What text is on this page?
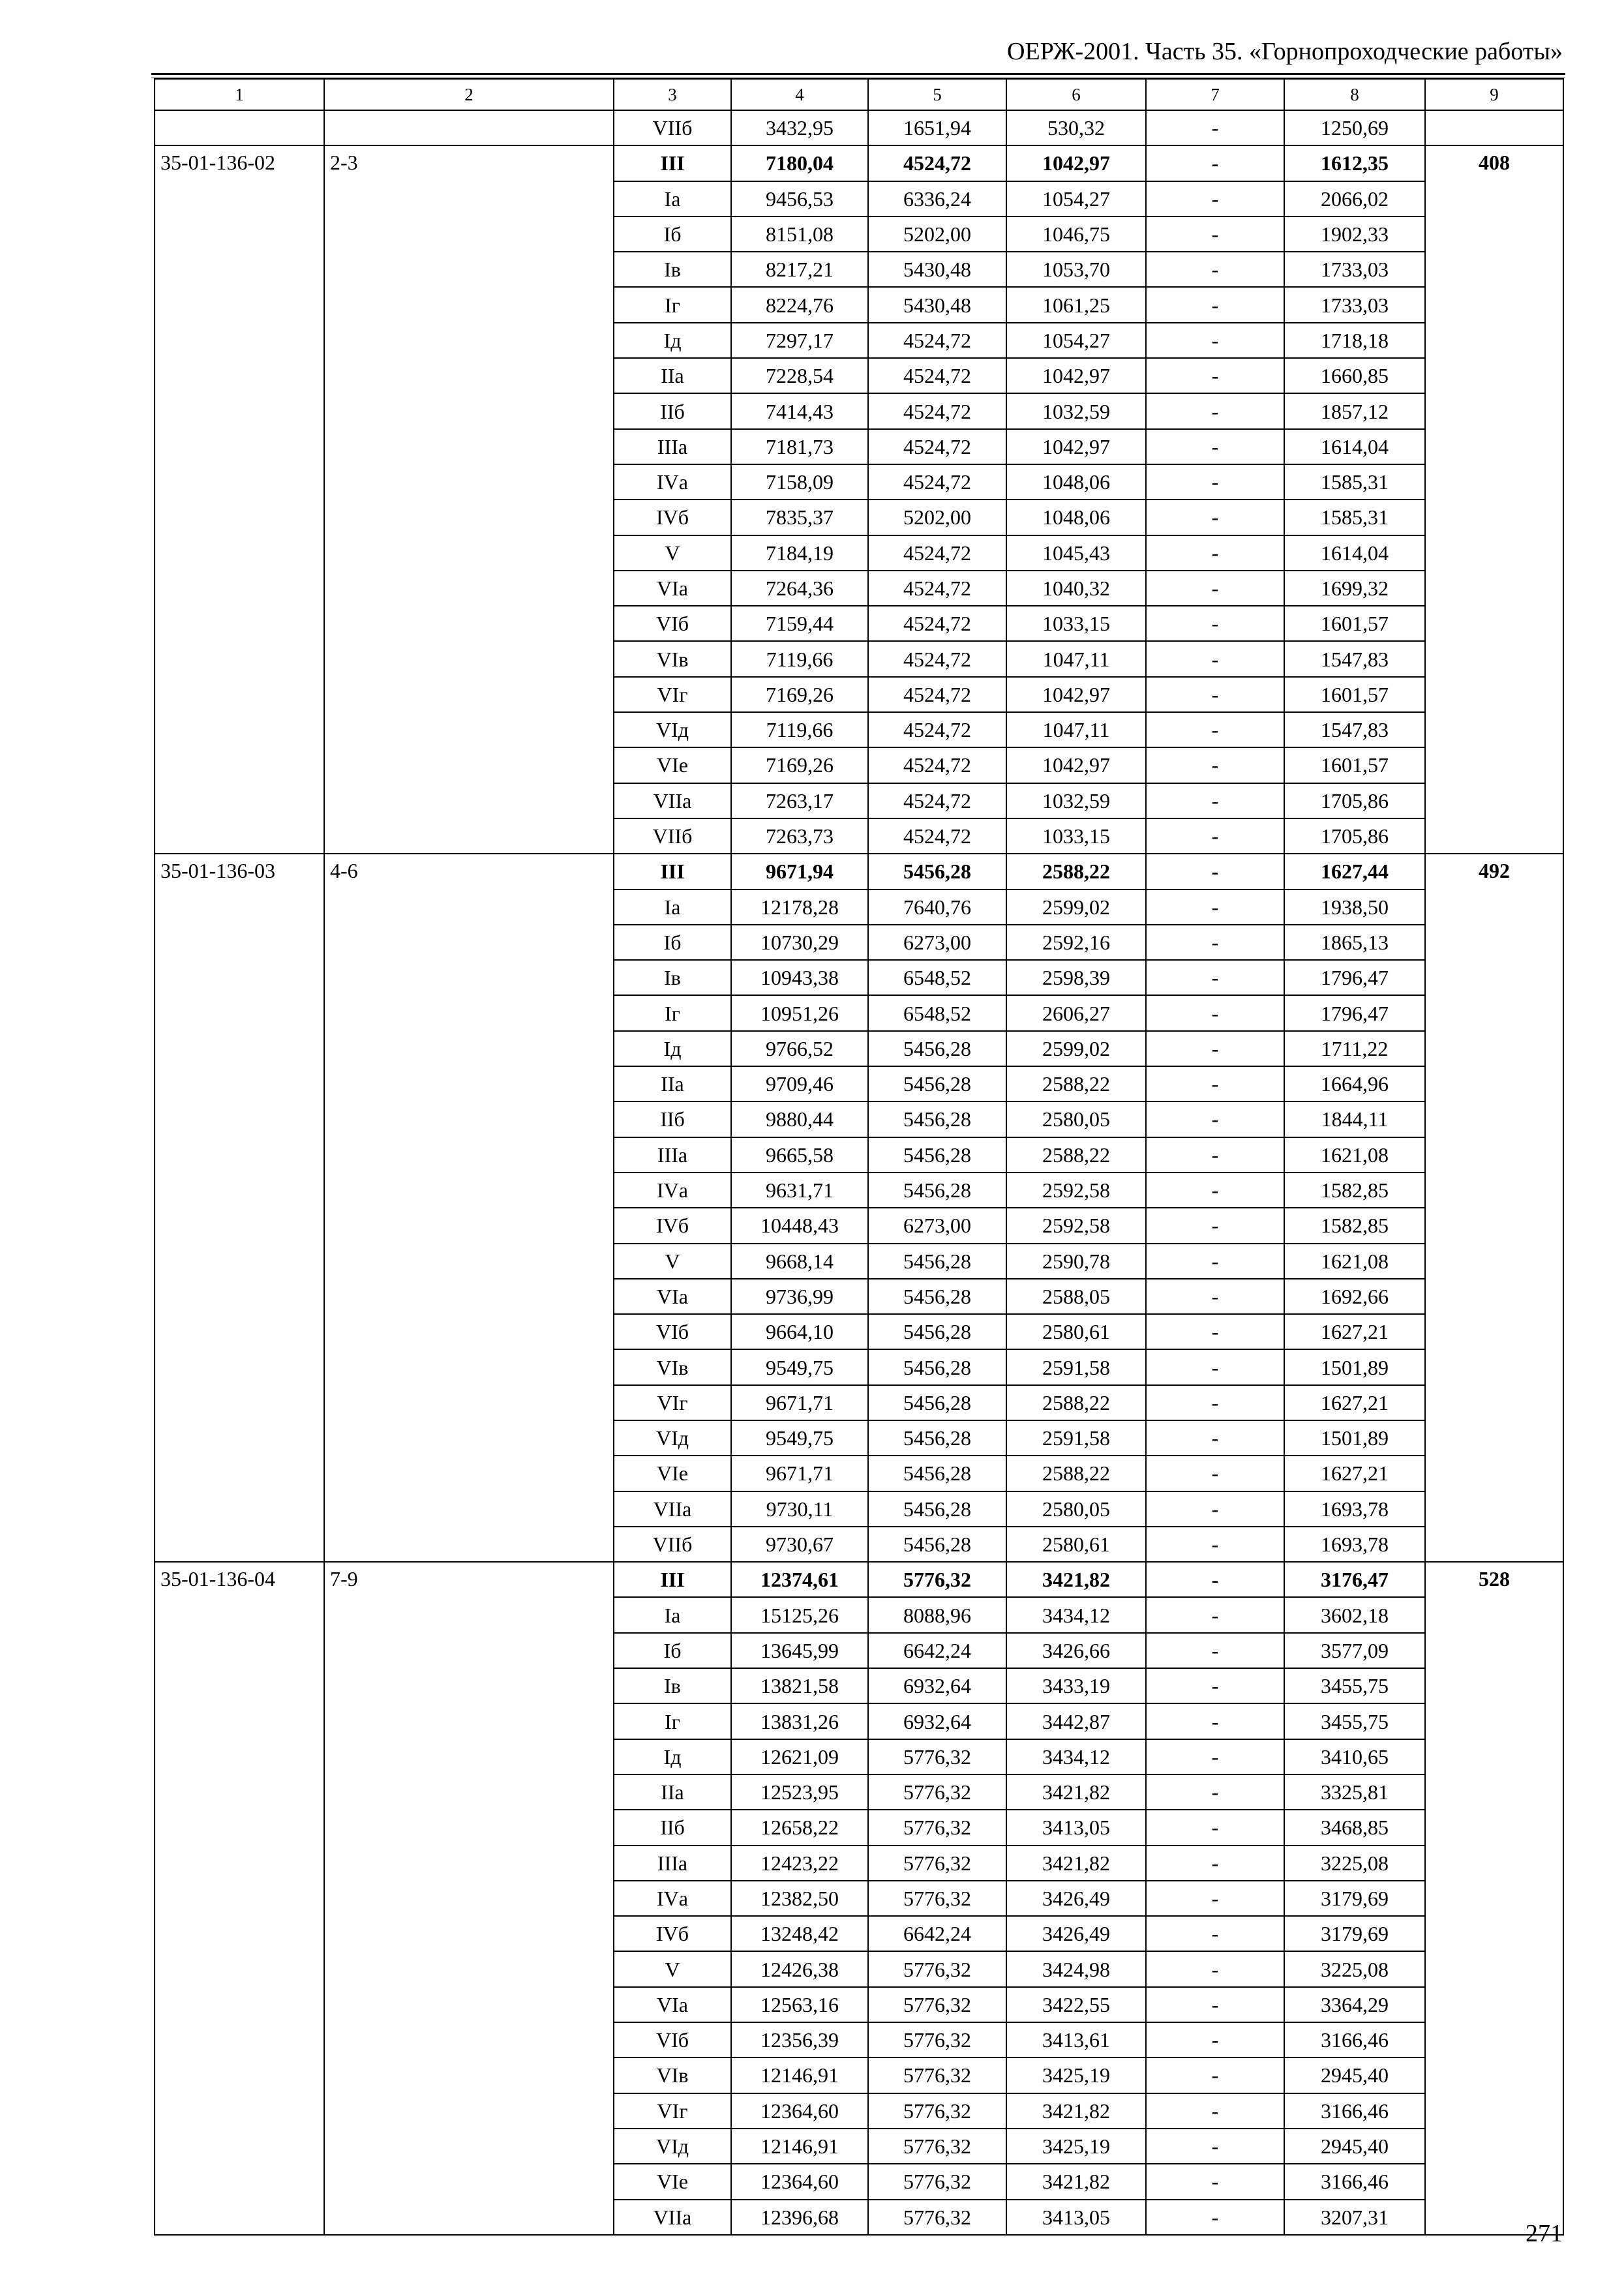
ОЕРЖ-2001. Часть 35. «Горнопроходческие работы»
1	2	3	4	5	6	7	8	9
		VIIб	3432,95	1651,94	530,32	-	1250,69	
35-01-136-02	2-3	III	7180,04	4524,72	1042,97	-	1612,35	408
		Iа	9456,53	6336,24	1054,27	-	2066,02	
		Iб	8151,08	5202,00	1046,75	-	1902,33	
		Iв	8217,21	5430,48	1053,70	-	1733,03	
		Iг	8224,76	5430,48	1061,25	-	1733,03	
		Iд	7297,17	4524,72	1054,27	-	1718,18	
		IIа	7228,54	4524,72	1042,97	-	1660,85	
		IIб	7414,43	4524,72	1032,59	-	1857,12	
		IIIа	7181,73	4524,72	1042,97	-	1614,04	
		IVа	7158,09	4524,72	1048,06	-	1585,31	
		IVб	7835,37	5202,00	1048,06	-	1585,31	
		V	7184,19	4524,72	1045,43	-	1614,04	
		VIа	7264,36	4524,72	1040,32	-	1699,32	
		VIб	7159,44	4524,72	1033,15	-	1601,57	
		VIв	7119,66	4524,72	1047,11	-	1547,83	
		VIг	7169,26	4524,72	1042,97	-	1601,57	
		VIд	7119,66	4524,72	1047,11	-	1547,83	
		VIе	7169,26	4524,72	1042,97	-	1601,57	
		VIIа	7263,17	4524,72	1032,59	-	1705,86	
		VIIб	7263,73	4524,72	1033,15	-	1705,86	
35-01-136-03	4-6	III	9671,94	5456,28	2588,22	-	1627,44	492
		Iа	12178,28	7640,76	2599,02	-	1938,50	
		Iб	10730,29	6273,00	2592,16	-	1865,13	
		Iв	10943,38	6548,52	2598,39	-	1796,47	
		Iг	10951,26	6548,52	2606,27	-	1796,47	
		Iд	9766,52	5456,28	2599,02	-	1711,22	
		IIа	9709,46	5456,28	2588,22	-	1664,96	
		IIб	9880,44	5456,28	2580,05	-	1844,11	
		IIIа	9665,58	5456,28	2588,22	-	1621,08	
		IVа	9631,71	5456,28	2592,58	-	1582,85	
		IVб	10448,43	6273,00	2592,58	-	1582,85	
		V	9668,14	5456,28	2590,78	-	1621,08	
		VIа	9736,99	5456,28	2588,05	-	1692,66	
		VIб	9664,10	5456,28	2580,61	-	1627,21	
		VIв	9549,75	5456,28	2591,58	-	1501,89	
		VIг	9671,71	5456,28	2588,22	-	1627,21	
		VIд	9549,75	5456,28	2591,58	-	1501,89	
		VIе	9671,71	5456,28	2588,22	-	1627,21	
		VIIа	9730,11	5456,28	2580,05	-	1693,78	
		VIIб	9730,67	5456,28	2580,61	-	1693,78	
35-01-136-04	7-9	III	12374,61	5776,32	3421,82	-	3176,47	528
		Iа	15125,26	8088,96	3434,12	-	3602,18	
		Iб	13645,99	6642,24	3426,66	-	3577,09	
		Iв	13821,58	6932,64	3433,19	-	3455,75	
		Iг	13831,26	6932,64	3442,87	-	3455,75	
		Iд	12621,09	5776,32	3434,12	-	3410,65	
		IIа	12523,95	5776,32	3421,82	-	3325,81	
		IIб	12658,22	5776,32	3413,05	-	3468,85	
		IIIа	12423,22	5776,32	3421,82	-	3225,08	
		IVа	12382,50	5776,32	3426,49	-	3179,69	
		IVб	13248,42	6642,24	3426,49	-	3179,69	
		V	12426,38	5776,32	3424,98	-	3225,08	
		VIа	12563,16	5776,32	3422,55	-	3364,29	
		VIб	12356,39	5776,32	3413,61	-	3166,46	
		VIв	12146,91	5776,32	3425,19	-	2945,40	
		VIг	12364,60	5776,32	3421,82	-	3166,46	
		VIд	12146,91	5776,32	3425,19	-	2945,40	
		VIе	12364,60	5776,32	3421,82	-	3166,46	
		VIIа	12396,68	5776,32	3413,05	-	3207,31	
271
